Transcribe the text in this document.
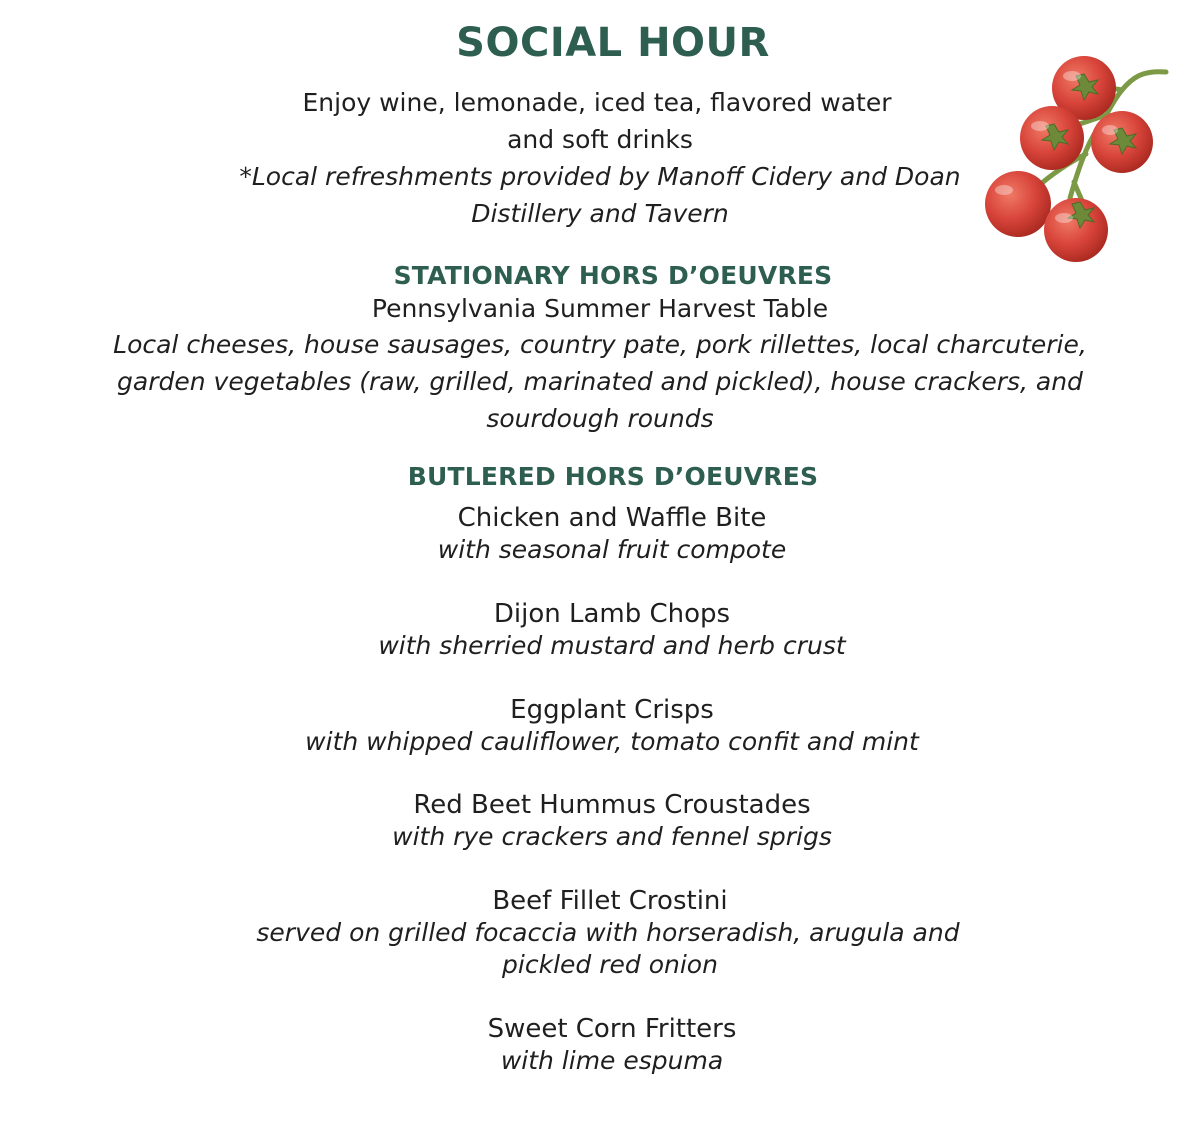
SOCIAL HOUR
Enjoy wine, lemonade, iced tea, flavored water
and soft drinks
*Local refreshments provided by Manoff Cidery and Doan
Distillery and Tavern
STATIONARY HORS D’OEUVRES
Pennsylvania Summer Harvest Table
Local cheeses, house sausages, country pate, pork rillettes, local charcuterie,
garden vegetables (raw, grilled, marinated and pickled), house crackers, and
sourdough rounds
BUTLERED HORS D’OEUVRES
Chicken and Waffle Bite
with seasonal fruit compote
Dijon Lamb Chops
with sherried mustard and herb crust
Eggplant Crisps
with whipped cauliflower, tomato confit and mint
Red Beet Hummus Croustades
with rye crackers and fennel sprigs
Beef Fillet Crostini
served on grilled focaccia with horseradish, arugula and
pickled red onion
Sweet Corn Fritters
with lime espuma
